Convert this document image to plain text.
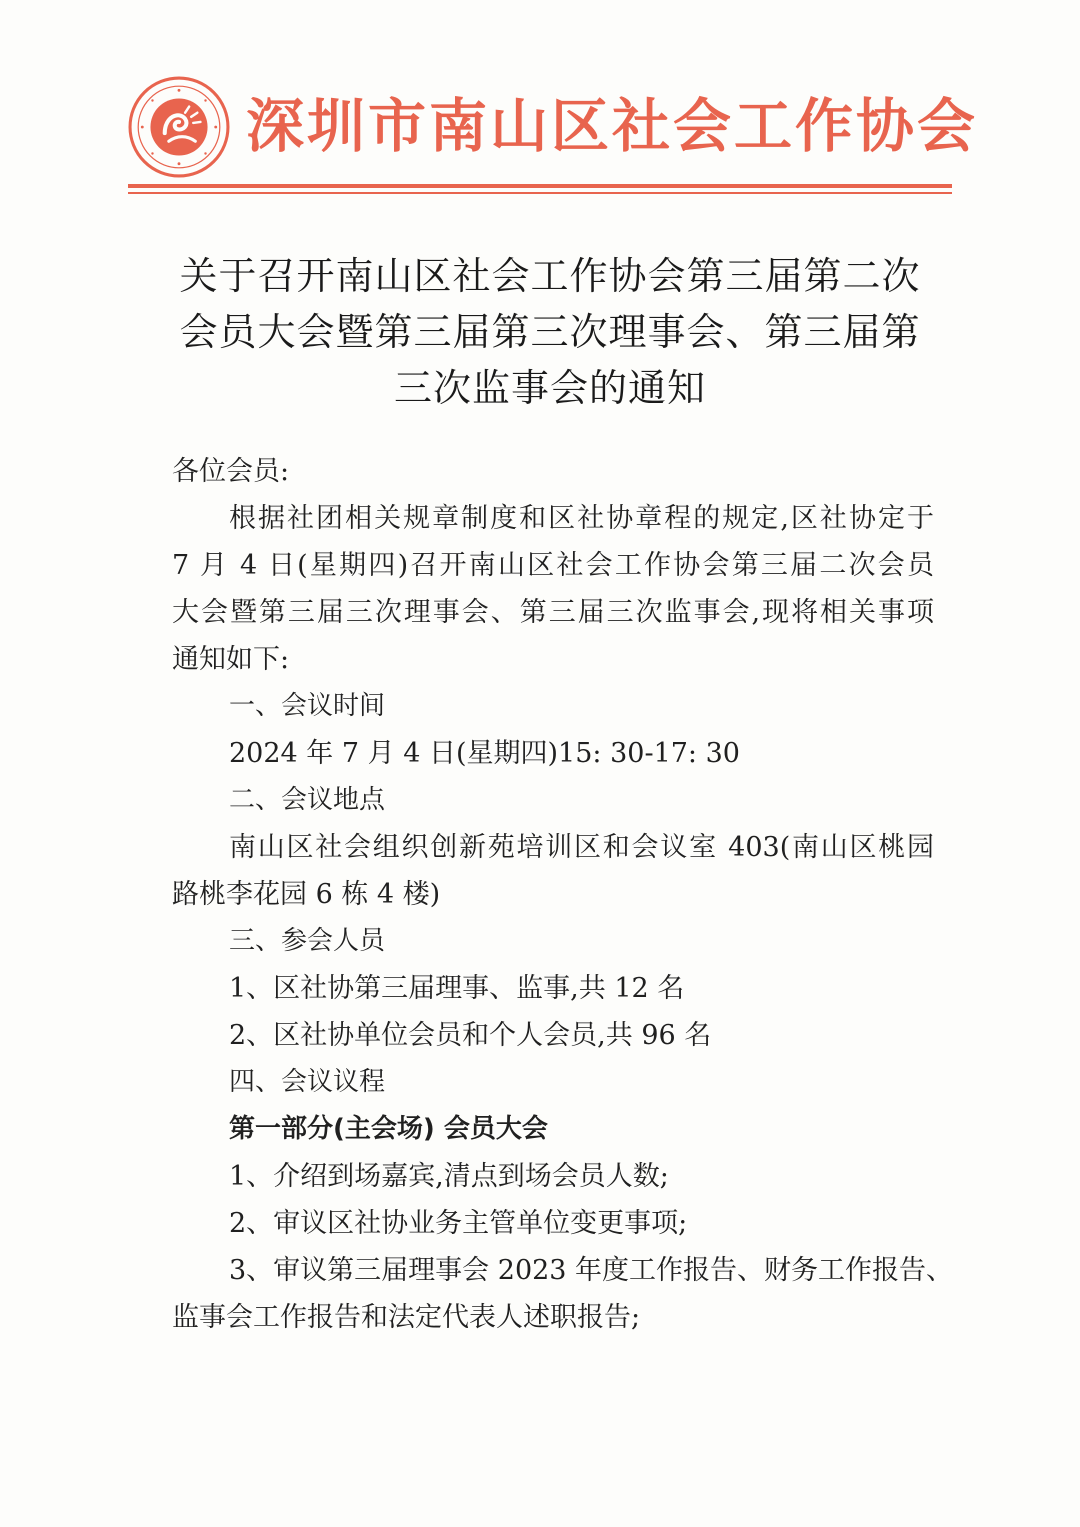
深圳市南山区社会工作协会
关于召开南山区社会工作协会第三届第二次
会员大会暨第三届第三次理事会、第三届第
三次监事会的通知
各位会员:
根据社团相关规章制度和区社协章程的规定,区社协定于
7 月 4 日(星期四)召开南山区社会工作协会第三届二次会员
大会暨第三届三次理事会、第三届三次监事会,现将相关事项
通知如下:
一、会议时间
2024 年 7 月 4 日(星期四)15: 30-17: 30
二、会议地点
南山区社会组织创新苑培训区和会议室 403(南山区桃园
路桃李花园 6 栋 4 楼)
三、参会人员
1、区社协第三届理事、监事,共 12 名
2、区社协单位会员和个人会员,共 96 名
四、会议议程
第一部分(主会场) 会员大会
1、介绍到场嘉宾,清点到场会员人数;
2、审议区社协业务主管单位变更事项;
3、审议第三届理事会 2023 年度工作报告、财务工作报告、
监事会工作报告和法定代表人述职报告;
